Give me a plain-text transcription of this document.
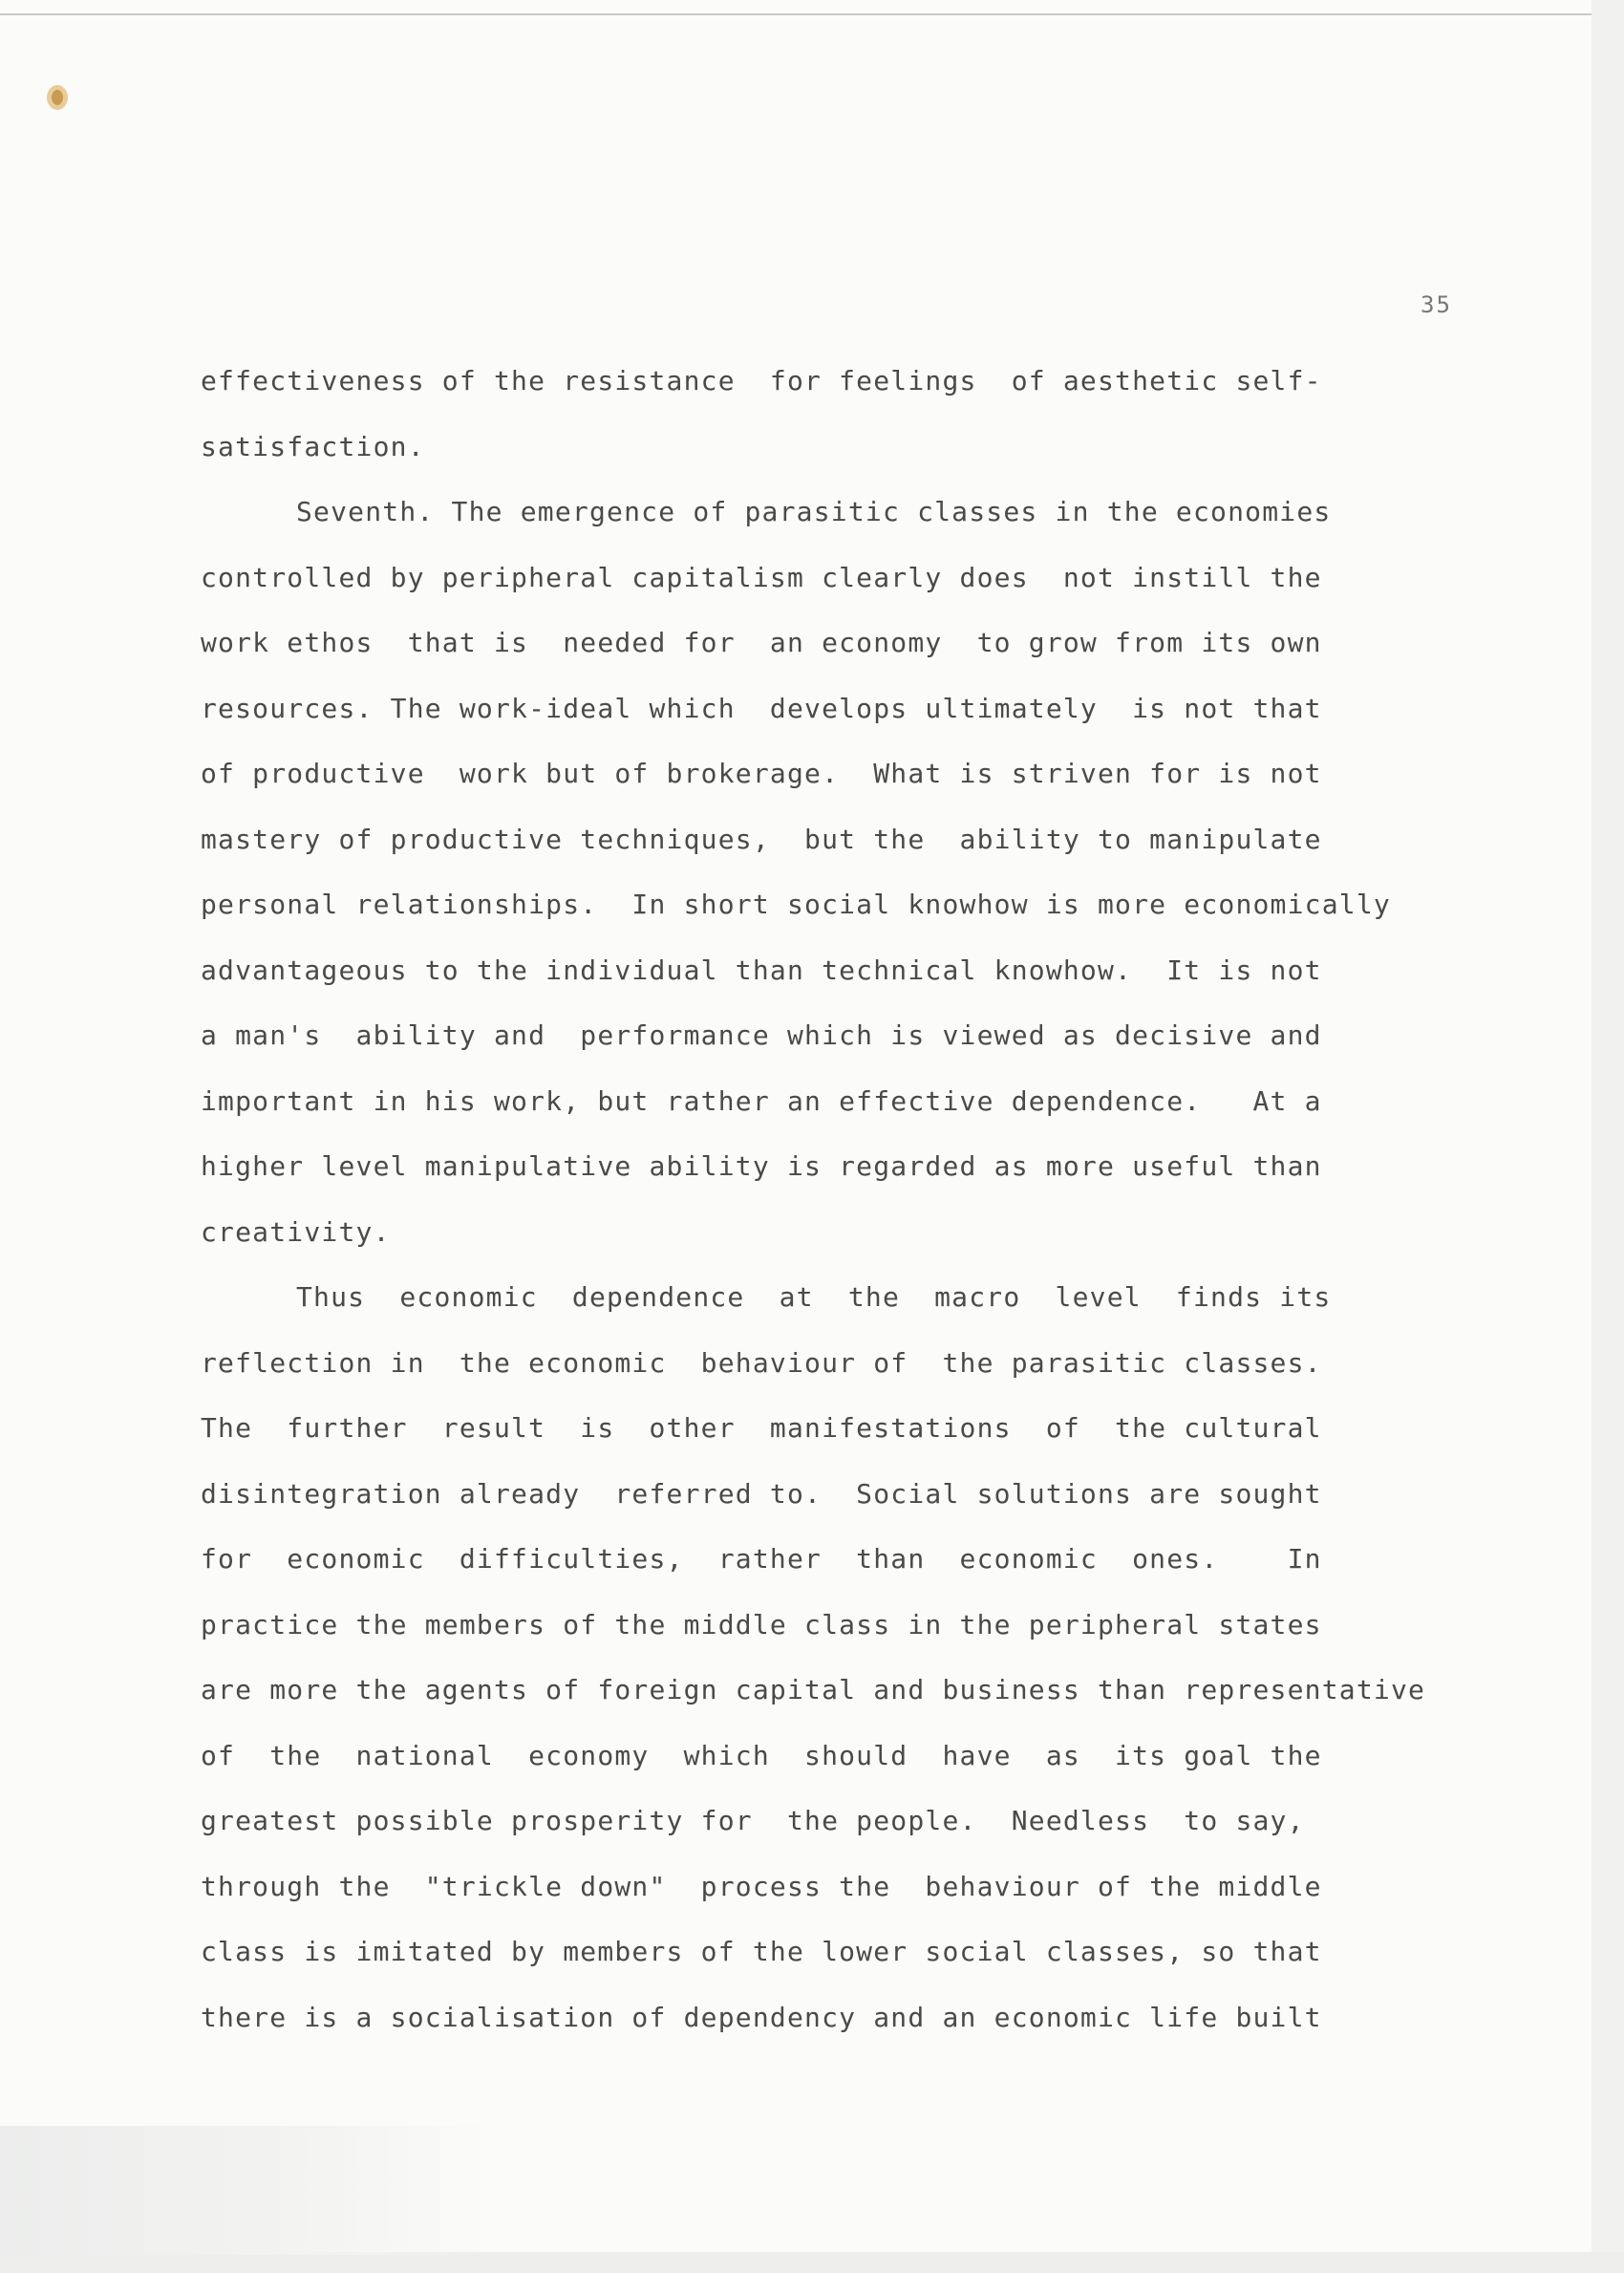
35
effectiveness of the resistance  for feelings  of aesthetic self-
satisfaction.
Seventh. The emergence of parasitic classes in the economies
controlled by peripheral capitalism clearly does  not instill the
work ethos  that is  needed for  an economy  to grow from its own
resources. The work-ideal which  develops ultimately  is not that
of productive  work but of brokerage.  What is striven for is not
mastery of productive techniques,  but the  ability to manipulate
personal relationships.  In short social knowhow is more economically
advantageous to the individual than technical knowhow.  It is not
a man's  ability and  performance which is viewed as decisive and
important in his work, but rather an effective dependence.   At a
higher level manipulative ability is regarded as more useful than
creativity.
Thus  economic  dependence  at  the  macro  level  finds its
reflection in  the economic  behaviour of  the parasitic classes.
The  further  result  is  other  manifestations  of  the cultural
disintegration already  referred to.  Social solutions are sought
for  economic  difficulties,  rather  than  economic  ones.    In
practice the members of the middle class in the peripheral states
are more the agents of foreign capital and business than representative
of  the  national  economy  which  should  have  as  its goal the
greatest possible prosperity for  the people.  Needless  to say,
through the  "trickle down"  process the  behaviour of the middle
class is imitated by members of the lower social classes, so that
there is a socialisation of dependency and an economic life built
